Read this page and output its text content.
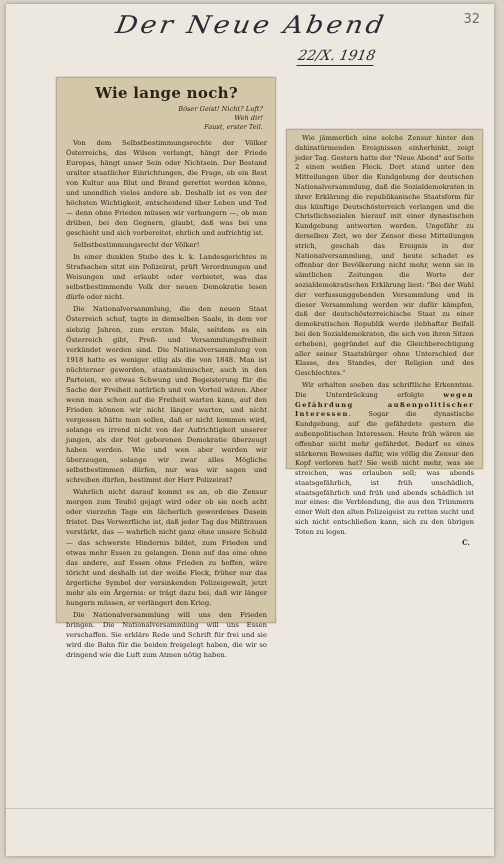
32
Der Neue Abend
22/X. 1918
Wie lange noch?
Böser Geist! Nicht? Luft?
Weh dir!
Faust, erster Teil.

Von dem Selbstbestimmungsrechte der Völker Österreichs, das Wilson verlangt, hängt der Friede Europas, hängt unser Sein oder Nichtsein. Der Bestand uralter staatlicher Einrichtungen, die Frage, ob ein Rest von Kultur aus Blut und Brand gerettet werden könne, und unendlich vieles andere ab. Deshalb ist es von der höchsten Wichtigkeit, entscheidend über Leben und Tod — denn ohne Frieden müssen wir verhungern —, ob man drüben, bei den Gegnern, glaubt, daß was bei uns geschieht und sich vorbereitet, ehrlich und aufrichtig ist.

Selbstbestimmungsrecht der Völker!

In einer dunklen Stube des k. k. Landesgerichtes in Strafsachen sitzt ein Polizeirat, prüft Verordnungen und Weisungen und erlaubt oder verbietet, was das selbstbestimmende Volk der neuen Demokratie lesen dürfe oder nicht.

Die Nationalversammlung, die den neuen Staat Österreich schuf, tagte in demselben Saale, in dem vor siebzig Jahren, zum ersten Male, seitdem es ein Österreich gibt, Preß- und Versammlungsfreiheit verkündet worden sind. Die Nationalversammlung von 1918 hatte es weniger eilig als die von 1848. Man ist nüchterner geworden, staatsmännischer, auch in den Parteien, wo etwas Schwung und Begeisterung für die Sache der Freiheit natürlich und von Vorteil wären. Aber wenn man schon auf die Freiheit warten kann, auf den Frieden können wir nicht länger warten, und nicht vergessen hätte man sollen, daß er nicht kommen wird, solange es irrend nicht von der Aufrichtigkeit unserer jungen, als der Not geborenen Demokratie überzeugt haben werden. Wie und wen aber werden wir überzeugen, solange wir zwar alles Mögliche selbstbestimmen dürfen, nur was wir sagen und schreiben dürfen, bestimmt der Herr Polizeirat?

Wahrlich nicht darauf kommt es an, ob die Zensur morgen zum Teufel gejagt wird oder ob sie noch acht oder vierzehn Tage ein lächerlich gewordenes Dasein fristet. Das Verwerfliche ist, daß jeder Tag das Mißtrauen verstärkt, das — wahrlich nicht ganz ohne unsere Schuld — das schwerste Hindernis bildet, zum Frieden und etwas mehr Essen zu gelangen. Denn auf das eine ohne das andere, auf Essen ohne Frieden zu hoffen, wäre töricht und deshalb ist der weiße Fleck, früher nur das ärgerliche Symbol der versinkenden Polizeigewalt, jetzt mehr als ein Ärgernis: er trägt dazu bei, daß wir länger hungern müssen, er verlängert den Krieg.

Die Nationalversammlung will uns den Frieden bringen. Die Nationalversammlung will uns Essen verschaffen. Sie erkläre Rede und Schrift für frei und sie wird die Bahn für die beiden freigelegt haben, die wir so dringend wie die Luft zum Atmen nötig haben.

Wie jämmerlich eine solche Zensur hinter den dahinstürmenden Ereignissen einherhinkt, zeigt jeder Tag. Gestern hatte der "Neue Abend" auf Seite 2 einen weißen Fleck. Dort stand unter den Mitteilungen über die Kundgebung der deutschen Nationalversammlung, daß die Sozialdemokraten in ihrer Erklärung die republikanische Staatsform für das künftige Deutschösterreich verlangen und die Christlichsozialen hierauf mit einer dynastischen Kundgebung antworten werden. Ungefähr zu derselben Zeit, wo der Zensor diese Mitteilungen strich, geschah das Ereignis in der Nationalversammlung, und heute schadet es offenbar der Bevölkerung nicht mehr, wenn sie in sämtlichen Zeitungen die Worte der sozialdemokratischen Erklärung liest: "Bei der Wahl der verfassunggebenden Versammlung und in dieser Versammlung werden wir dafür kämpfen, daß der deutschösterreichische Staat zu einer demokratischen Republik werde (lebhafter Beifall bei den Sozialdemokraten, die sich von ihren Sitzen erheben), gegründet auf die Gleichberechtigung aller seiner Staatsbürger ohne Unterschied der Klasse, des Standes, der Religion und des Geschlechtes."

Wir erhalten soeben das schriftliche Erkenntnis. Die Unterdrückung erfolgte	wegen Gefährdung außenpolitischer Interessen. Sogar die dynastische Kundgebung, auf die gefährdete gestern die außenpolitischen Interessen. Heute früh wären sie offenbar nicht mehr gefährdet. Bedarf es eines stärkeren Beweises dafür, wie völlig die Zensur den Kopf verloren hat? Sie weiß nicht mehr, was sie streichen, was erlauben soll; was abends staatsgefährlich, ist früh unschädlich, staatsgefährlich und früh und abends schädlich ist nur eines: die Verblendung, die aus den Trümmern einer Welt den alten Polizeigeist zu retten sucht und sich nicht entschließen kann, sich zu den übrigen Toten zu legen.

C.
